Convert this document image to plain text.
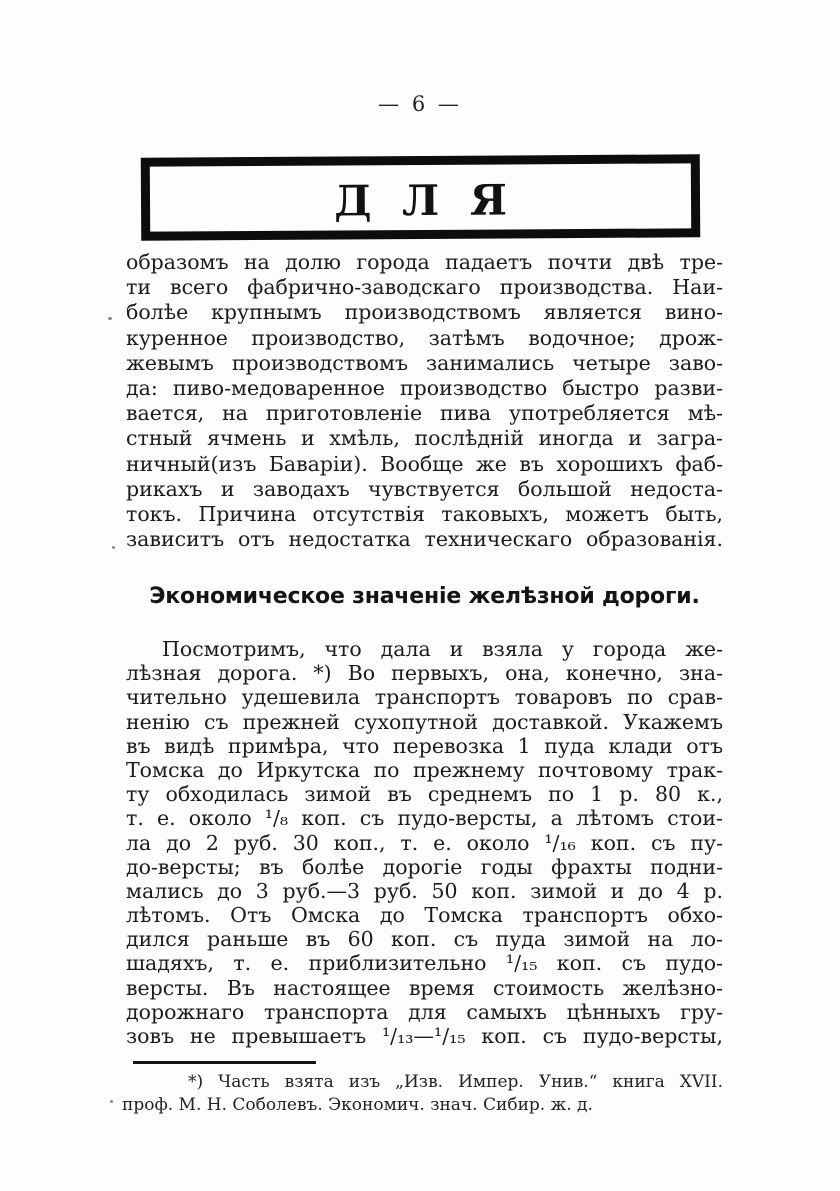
— 6 —
Д Л Я
образомъ на долю города падаетъ почти двѣ тре-
ти всего фабрично-заводскаго производства. Наи-
болѣе крупнымъ производствомъ является вино-
куренное производство, затѣмъ водочное; дрож-
жевымъ производствомъ занимались четыре заво-
да: пиво-медоваренное производство быстро разви-
вается, на приготовленіе пива употребляется мѣ-
стный ячмень и хмѣль, послѣдній иногда и загра-
ничный(изъ Баваріи). Вообще же въ хорошихъ фаб-
рикахъ и заводахъ чувствуется большой недоста-
токъ. Причина отсутствія таковыхъ, можетъ быть,
зависитъ отъ недостатка техническаго образованія.
Экономическое значеніе желѣзной дороги.
Посмотримъ, что дала и взяла у города же-
лѣзная дорога. *) Во первыхъ, она, конечно, зна-
чительно удешевила транспортъ товаровъ по срав-
ненію съ прежней сухопутной доставкой. Укажемъ
въ видѣ примѣра, что перевозка 1 пуда клади отъ
Томска до Иркутска по прежнему почтовому трак-
ту обходилась зимой въ среднемъ по 1 р. 80 к.,
т. е. около ¹/₈ коп. съ пудо-версты, а лѣтомъ стои-
ла до 2 руб. 30 коп., т. е. около ¹/₁₆ коп. съ пу-
до-версты; въ болѣе дорогіе годы фрахты подни-
мались до 3 руб.—3 руб. 50 коп. зимой и до 4 р.
лѣтомъ. Отъ Омска до Томска транспортъ обхо-
дился раньше въ 60 коп. съ пуда зимой на ло-
шадяхъ, т. е. приблизительно ¹/₁₅ коп. съ пудо-
версты. Въ настоящее время стоимость желѣзно-
дорожнаго транспорта для самыхъ цѣнныхъ гру-
зовъ не превышаетъ ¹/₁₃—¹/₁₅ коп. съ пудо-версты,
*) Часть взята изъ „Изв. Импер. Унив.“ книга XVII.
проф. М. Н. Соболевъ. Экономич. знач. Сибир. ж. д.
